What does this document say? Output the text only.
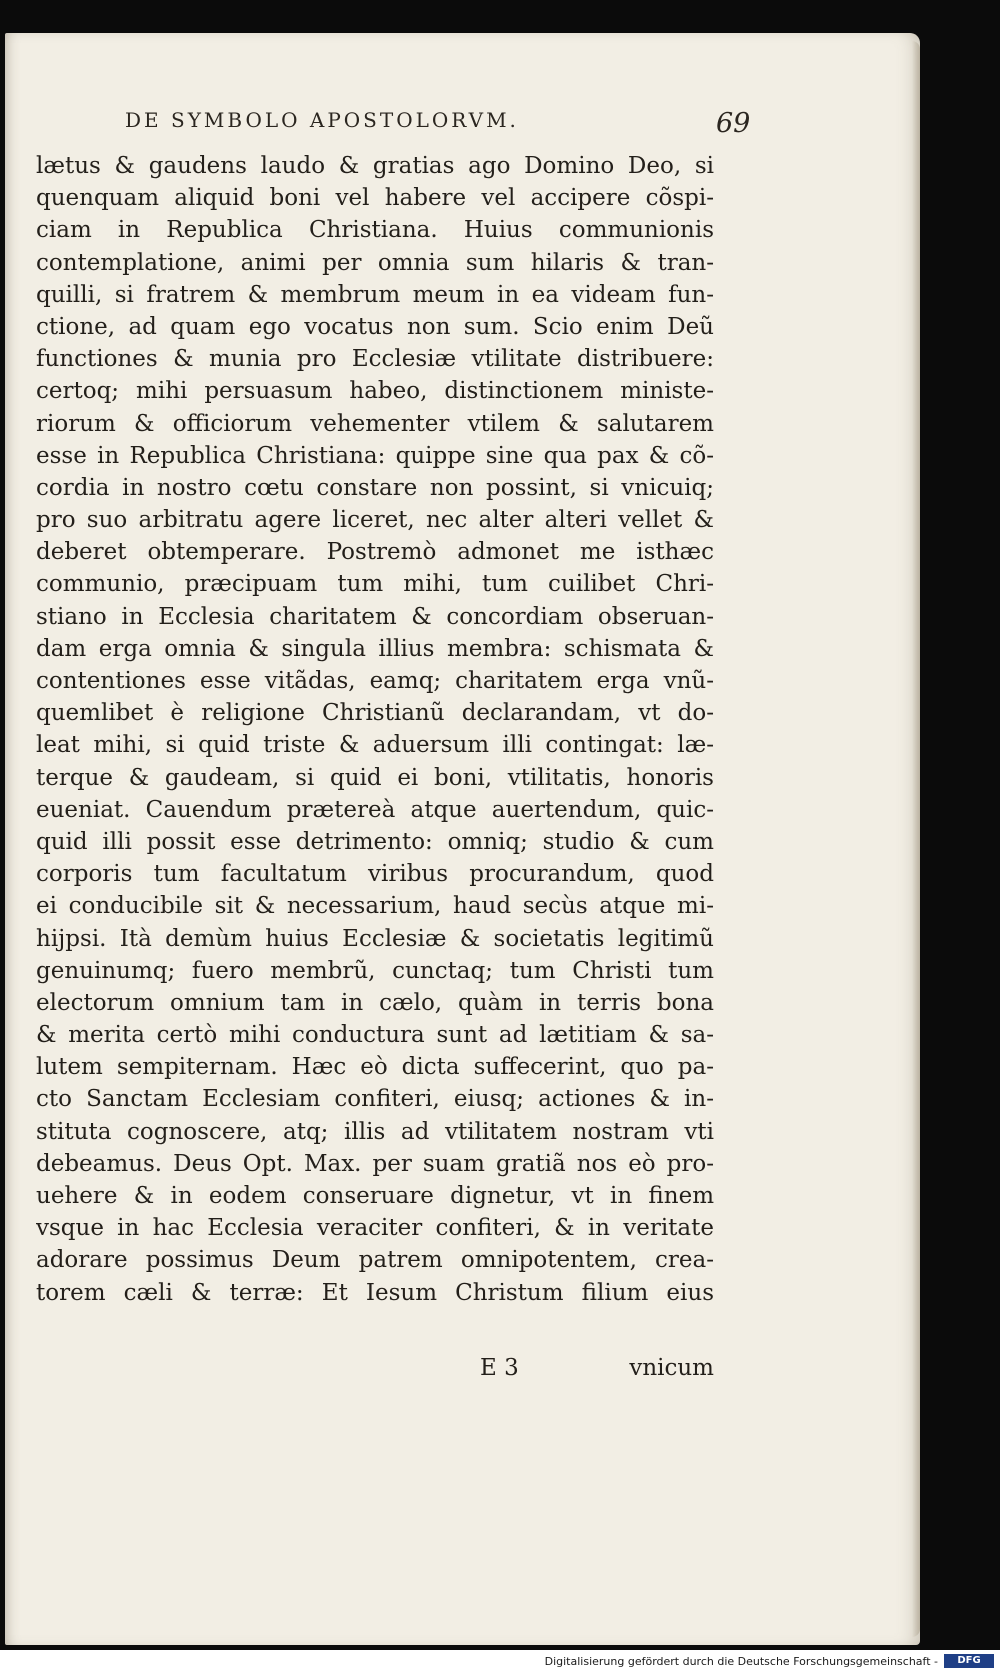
DE SYMBOLO APOSTOLORVM.	69
lætus & gaudens laudo & gratias ago Domino Deo, si
quenquam aliquid boni vel habere vel accipere cõspi-
ciam in Republica Christiana. Huius communionis
contemplatione, animi per omnia sum hilaris & tran-
quilli, si fratrem & membrum meum in ea videam fun-
ctione, ad quam ego vocatus non sum. Scio enim Deũ
functiones & munia pro Ecclesiæ vtilitate distribuere:
certoq; mihi persuasum habeo, distinctionem ministe-
riorum & officiorum vehementer vtilem & salutarem
esse in Republica Christiana: quippe sine qua pax & cõ-
cordia in nostro cœtu constare non possint, si vnicuiq;
pro suo arbitratu agere liceret, nec alter alteri vellet &
deberet obtemperare. Postremò admonet me isthæc
communio, præcipuam tum mihi, tum cuilibet Chri-
stiano in Ecclesia charitatem & concordiam obseruan-
dam erga omnia & singula illius membra: schismata &
contentiones esse vitãdas, eamq; charitatem erga vnũ-
quemlibet è religione Christianũ declarandam, vt do-
leat mihi, si quid triste & aduersum illi contingat: læ-
terque & gaudeam, si quid ei boni, vtilitatis, honoris
eueniat. Cauendum prætereà atque auertendum, quic-
quid illi possit esse detrimento: omniq; studio & cum
corporis tum facultatum viribus procurandum, quod
ei conducibile sit & necessarium, haud secùs atque mi-
hijpsi. Ità demùm huius Ecclesiæ & societatis legitimũ
genuinumq; fuero membrũ, cunctaq; tum Christi tum
electorum omnium tam in cælo, quàm in terris bona
& merita certò mihi conductura sunt ad lætitiam & sa-
lutem sempiternam. Hæc eò dicta suffecerint, quo pa-
cto Sanctam Ecclesiam confiteri, eiusq; actiones & in-
stituta cognoscere, atq; illis ad vtilitatem nostram vti
debeamus. Deus Opt. Max. per suam gratiã nos eò pro-
uehere & in eodem conseruare dignetur, vt in finem
vsque in hac Ecclesia veraciter confiteri, & in veritate
adorare possimus Deum patrem omnipotentem, crea-
torem cæli & terræ: Et Iesum Christum filium eius
E 3	vnicum
Digitalisierung gefördert durch die Deutsche Forschungsgemeinschaft -	DFG
